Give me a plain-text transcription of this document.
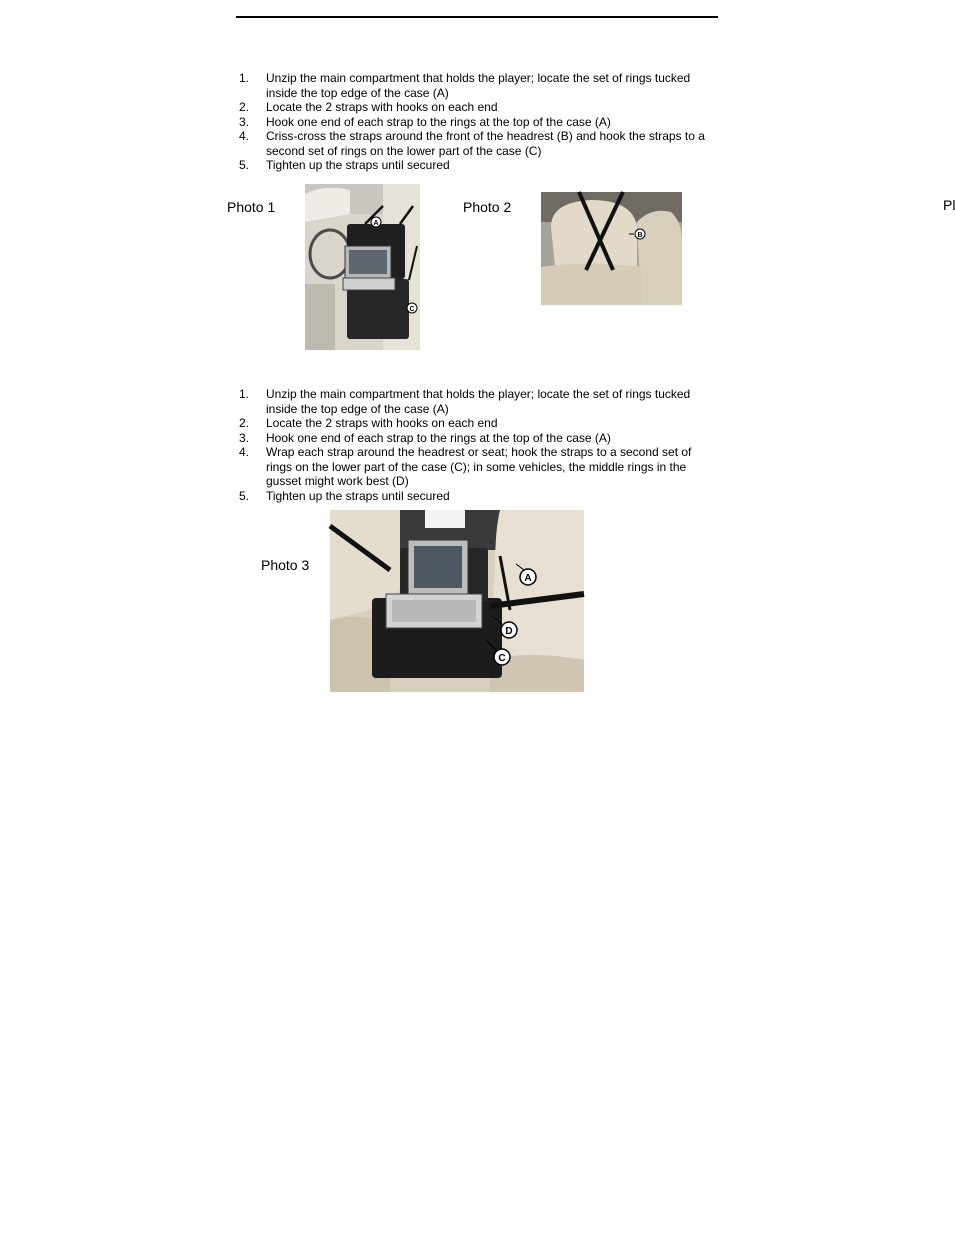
1. Unzip the main compartment that holds the player; locate the set of rings tucked inside the top edge of the case (A)
2. Locate the 2 straps with hooks on each end
3. Hook one end of each strap to the rings at the top of the case (A)
4. Criss-cross the straps around the front of the headrest (B) and hook the straps to a second set of rings on the lower part of the case (C)
5. Tighten up the straps until secured
Photo 1	Photo 2	Pl
A
C
B
1. Unzip the main compartment that holds the player; locate the set of rings tucked inside the top edge of the case (A)
2. Locate the 2 straps with hooks on each end
3. Hook one end of each strap to the rings at the top of the case (A)
4. Wrap each strap around the headrest or seat; hook the straps to a second set of rings on the lower part of the case (C); in some vehicles, the middle rings in the gusset might work best (D)
5. Tighten up the straps until secured
Photo 3
A
D
C
